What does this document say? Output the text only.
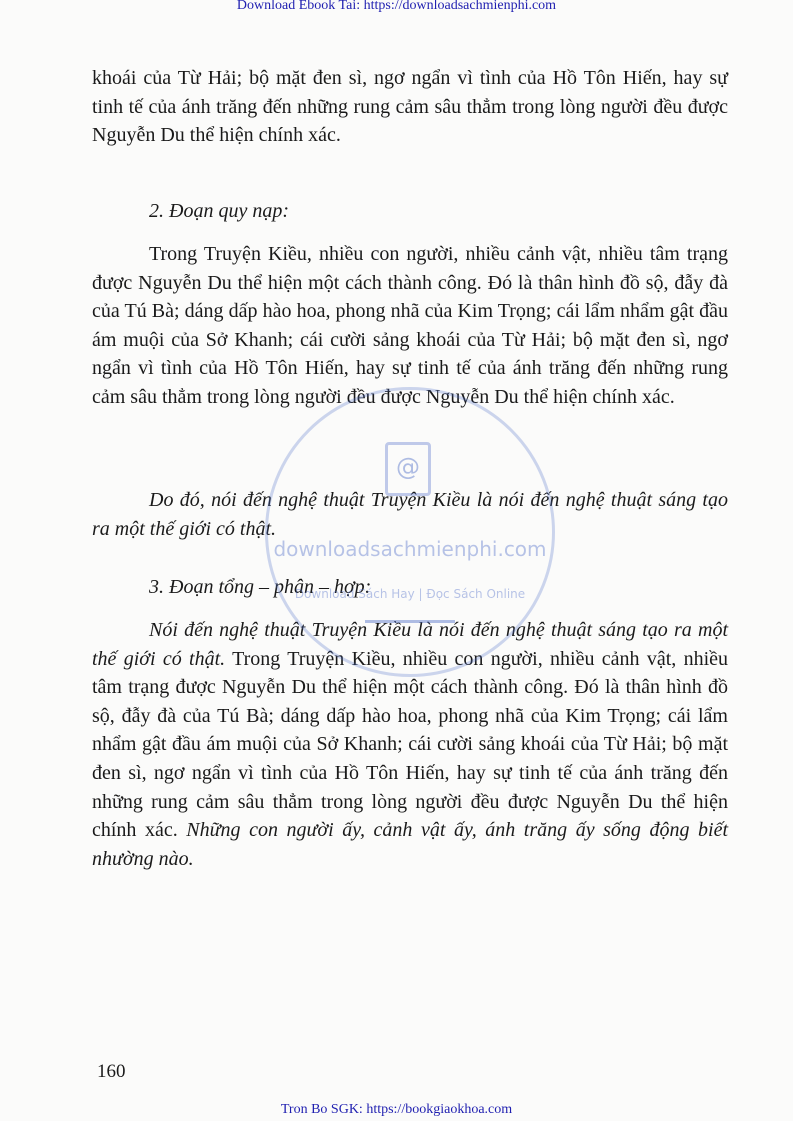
Download Ebook Tai: https://downloadsachmienphi.com
khoái của Từ Hải; bộ mặt đen sì, ngơ ngẩn vì tình của Hồ Tôn Hiến, hay sự tinh tế của ánh trăng đến những rung cảm sâu thẳm trong lòng người đều được Nguyễn Du thể hiện chính xác.
2. Đoạn quy nạp:
Trong Truyện Kiều, nhiều con người, nhiều cảnh vật, nhiều tâm trạng được Nguyễn Du thể hiện một cách thành công. Đó là thân hình đồ sộ, đẫy đà của Tú Bà; dáng dấp hào hoa, phong nhã của Kim Trọng; cái lẩm nhẩm gật đầu ám muội của Sở Khanh; cái cười sảng khoái của Từ Hải; bộ mặt đen sì, ngơ ngẩn vì tình của Hồ Tôn Hiến, hay sự tinh tế của ánh trăng đến những rung cảm sâu thẳm trong lòng người đều được Nguyễn Du thể hiện chính xác.
Do đó, nói đến nghệ thuật Truyện Kiều là nói đến nghệ thuật sáng tạo ra một thế giới có thật.
3. Đoạn tổng – phân – hợp:
Nói đến nghệ thuật Truyện Kiều là nói đến nghệ thuật sáng tạo ra một thế giới có thật. Trong Truyện Kiều, nhiều con người, nhiều cảnh vật, nhiều tâm trạng được Nguyễn Du thể hiện một cách thành công. Đó là thân hình đồ sộ, đẫy đà của Tú Bà; dáng dấp hào hoa, phong nhã của Kim Trọng; cái lẩm nhẩm gật đầu ám muội của Sở Khanh; cái cười sảng khoái của Từ Hải; bộ mặt đen sì, ngơ ngẩn vì tình của Hồ Tôn Hiến, hay sự tinh tế của ánh trăng đến những rung cảm sâu thẳm trong lòng người đều được Nguyễn Du thể hiện chính xác. Những con người ấy, cảnh vật ấy, ánh trăng ấy sống động biết nhường nào.
160
@
downloadsachmienphi.com
Download Sách Hay | Đọc Sách Online
Tron Bo SGK: https://bookgiaokhoa.com
